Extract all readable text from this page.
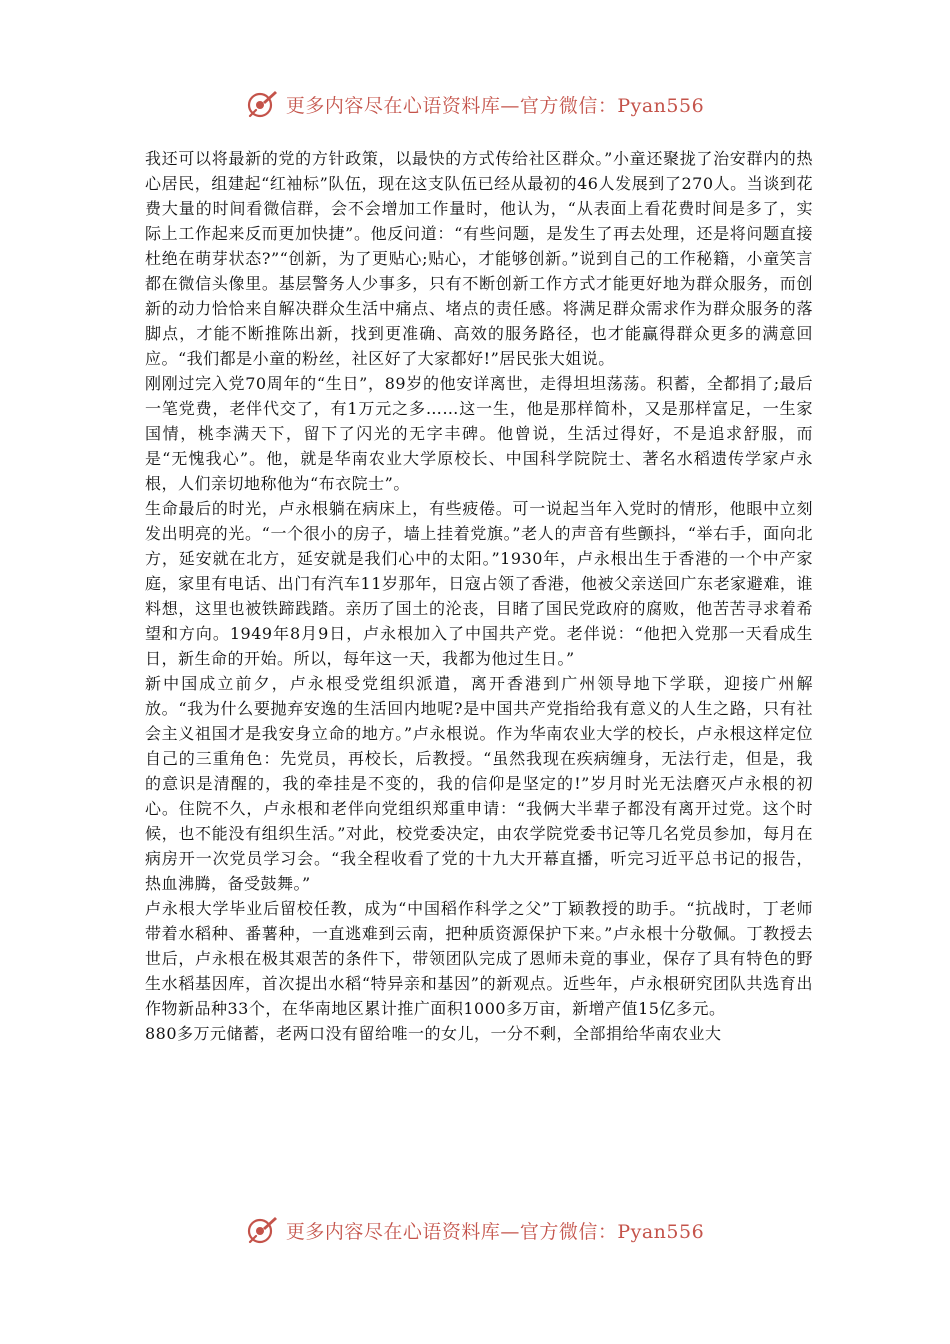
更多内容尽在心语资料库—官方微信：Pyan556

我还可以将最新的党的方针政策，以最快的方式传给社区群众。”小童还聚拢了治安群内的热心居民，组建起“红袖标”队伍，现在这支队伍已经从最初的46人发展到了270人。当谈到花费大量的时间看微信群，会不会增加工作量时，他认为，“从表面上看花费时间是多了，实际上工作起来反而更加快捷”。他反问道：“有些问题，是发生了再去处理，还是将问题直接杜绝在萌芽状态?”“创新，为了更贴心;贴心，才能够创新。”说到自己的工作秘籍，小童笑言都在微信头像里。基层警务人少事多，只有不断创新工作方式才能更好地为群众服务，而创新的动力恰恰来自解决群众生活中痛点、堵点的责任感。将满足群众需求作为群众服务的落脚点，才能不断推陈出新，找到更准确、高效的服务路径，也才能赢得群众更多的满意回应。“我们都是小童的粉丝，社区好了大家都好!”居民张大姐说。

刚刚过完入党70周年的“生日”，89岁的他安详离世，走得坦坦荡荡。积蓄，全都捐了;最后一笔党费，老伴代交了，有1万元之多……这一生，他是那样简朴，又是那样富足，一生家国情，桃李满天下，留下了闪光的无字丰碑。他曾说，生活过得好，不是追求舒服，而是“无愧我心”。他，就是华南农业大学原校长、中国科学院院士、著名水稻遗传学家卢永根，人们亲切地称他为“布衣院士”。

生命最后的时光，卢永根躺在病床上，有些疲倦。可一说起当年入党时的情形，他眼中立刻发出明亮的光。“一个很小的房子，墙上挂着党旗。”老人的声音有些颤抖，“举右手，面向北方，延安就在北方，延安就是我们心中的太阳。”1930年，卢永根出生于香港的一个中产家庭，家里有电话、出门有汽车11岁那年，日寇占领了香港，他被父亲送回广东老家避难，谁料想，这里也被铁蹄践踏。亲历了国土的沦丧，目睹了国民党政府的腐败，他苦苦寻求着希望和方向。1949年8月9日，卢永根加入了中国共产党。老伴说：“他把入党那一天看成生日，新生命的开始。所以，每年这一天，我都为他过生日。”

新中国成立前夕，卢永根受党组织派遣，离开香港到广州领导地下学联，迎接广州解放。“我为什么要抛弃安逸的生活回内地呢?是中国共产党指给我有意义的人生之路，只有社会主义祖国才是我安身立命的地方。”卢永根说。作为华南农业大学的校长，卢永根这样定位自己的三重角色：先党员，再校长，后教授。“虽然我现在疾病缠身，无法行走，但是，我的意识是清醒的，我的牵挂是不变的，我的信仰是坚定的!”岁月时光无法磨灭卢永根的初心。住院不久，卢永根和老伴向党组织郑重申请：“我俩大半辈子都没有离开过党。这个时候，也不能没有组织生活。”对此，校党委决定，由农学院党委书记等几名党员参加，每月在病房开一次党员学习会。“我全程收看了党的十九大开幕直播，听完习近平总书记的报告，热血沸腾，备受鼓舞。”

卢永根大学毕业后留校任教，成为“中国稻作科学之父”丁颖教授的助手。“抗战时，丁老师带着水稻种、番薯种，一直逃难到云南，把种质资源保护下来。”卢永根十分敬佩。丁教授去世后，卢永根在极其艰苦的条件下，带领团队完成了恩师未竟的事业，保存了具有特色的野生水稻基因库，首次提出水稻“特异亲和基因”的新观点。近些年，卢永根研究团队共选育出作物新品种33个，在华南地区累计推广面积1000多万亩，新增产值15亿多元。

880多万元储蓄，老两口没有留给唯一的女儿，一分不剩，全部捐给华南农业大

更多内容尽在心语资料库—官方微信：Pyan556
